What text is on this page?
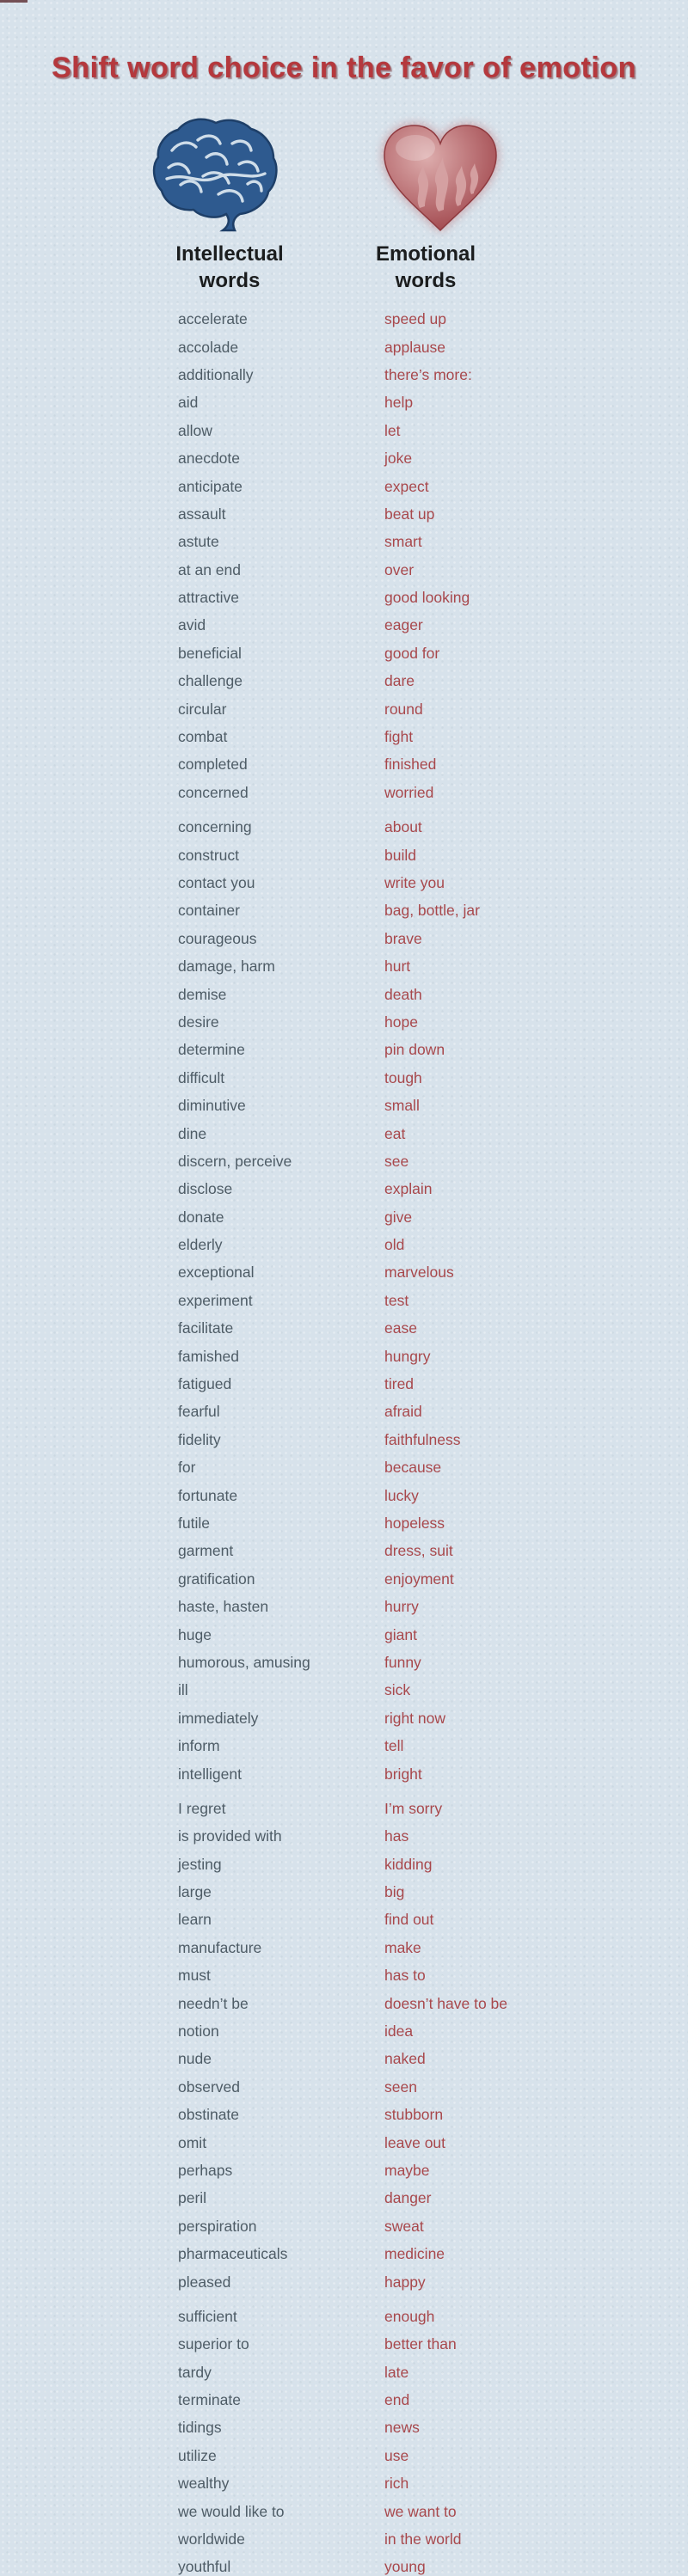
Shift word choice in the favor of emotion
Intellectual
words
Emotional
words
accelerate	speed up
accolade	applause
additionally	there’s more:
aid	help
allow	let
anecdote	joke
anticipate	expect
assault	beat up
astute	smart
at an end	over
attractive	good looking
avid	eager
beneficial	good for
challenge	dare
circular	round
combat	fight
completed	finished
concerned	worried
concerning	about
construct	build
contact you	write you
container	bag, bottle, jar
courageous	brave
damage, harm	hurt
demise	death
desire	hope
determine	pin down
difficult	tough
diminutive	small
dine	eat
discern, perceive	see
disclose	explain
donate	give
elderly	old
exceptional	marvelous
experiment	test
facilitate	ease
famished	hungry
fatigued	tired
fearful	afraid
fidelity	faithfulness
for	because
fortunate	lucky
futile	hopeless
garment	dress, suit
gratification	enjoyment
haste, hasten	hurry
huge	giant
humorous, amusing	funny
ill	sick
immediately	right now
inform	tell
intelligent	bright
I regret	I’m sorry
is provided with	has
jesting	kidding
large	big
learn	find out
manufacture	make
must	has to
needn’t be	doesn’t have to be
notion	idea
nude	naked
observed	seen
obstinate	stubborn
omit	leave out
perhaps	maybe
peril	danger
perspiration	sweat
pharmaceuticals	medicine
pleased	happy
sufficient	enough
superior to	better than
tardy	late
terminate	end
tidings	news
utilize	use
wealthy	rich
we would like to	we want to
worldwide	in the world
youthful	young
